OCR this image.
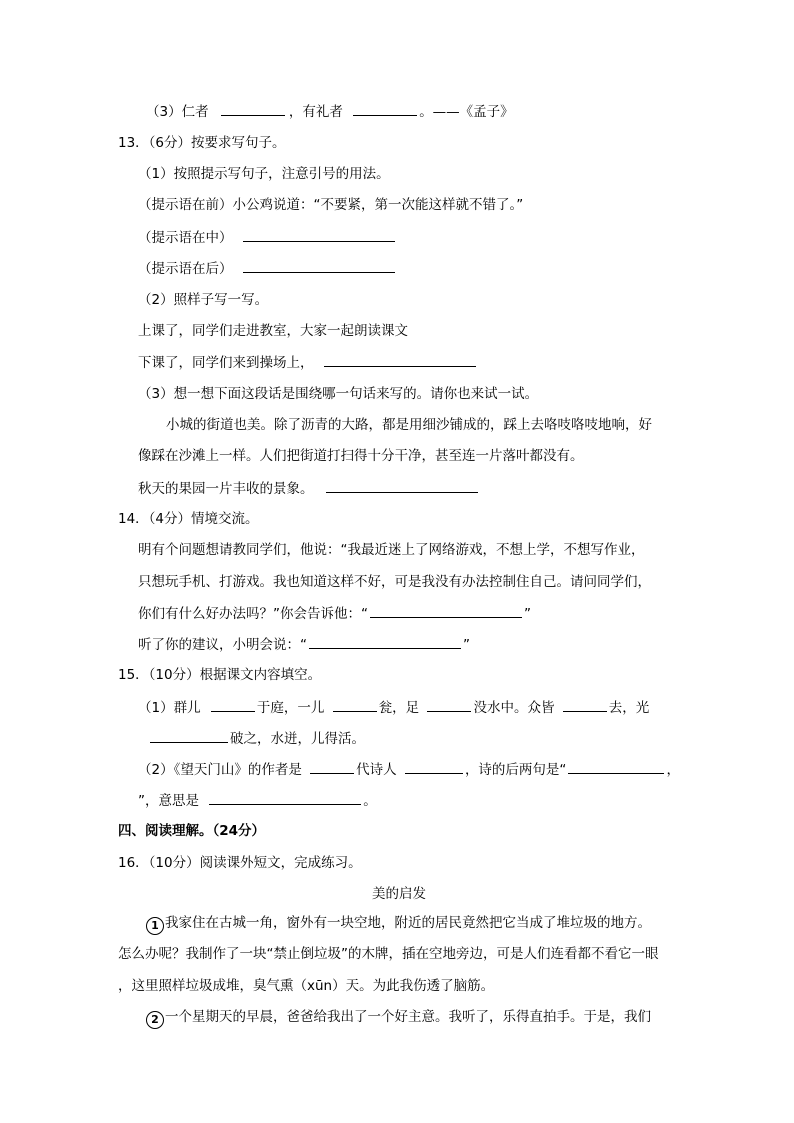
（3）仁者	，有礼者	。——《孟子》
13．（6分）按要求写句子。
（1）按照提示写句子，注意引号的用法。
（提示语在前）小公鸡说道：“不要紧，第一次能这样就不错了。”
（提示语在中）
（提示语在后）
（2）照样子写一写。
上课了，同学们走进教室，大家一起朗读课文
下课了，同学们来到操场上，
（3）想一想下面这段话是围绕哪一句话来写的。请你也来试一试。
小城的街道也美。除了沥青的大路，都是用细沙铺成的，踩上去咯吱咯吱地响，好
像踩在沙滩上一样。人们把街道打扫得十分干净，甚至连一片落叶都没有。
秋天的果园一片丰收的景象。
14．（4分）情境交流。
明有个问题想请教同学们，他说：“我最近迷上了网络游戏，不想上学，不想写作业，
只想玩手机、打游戏。我也知道这样不好，可是我没有办法控制住自己。请问同学们，
你们有什么好办法吗？”你会告诉他：“	”
听了你的建议，小明会说：“	”
15．（10分）根据课文内容填空。
（1）群儿	于庭，一儿	瓮，足	没水中。众皆	去，光
破之，水迸，儿得活。
（2）《望天门山》的作者是	代诗人	，诗的后两句是“	，
”，意思是	。
四、阅读理解。（24分）
16．（10分）阅读课外短文，完成练习。
美的启发
1 我家住在古城一角，窗外有一块空地，附近的居民竟然把它当成了堆垃圾的地方。
怎么办呢？我制作了一块“禁止倒垃圾”的木牌，插在空地旁边，可是人们连看都不看它一眼
，这里照样垃圾成堆，臭气熏（xūn）天。为此我伤透了脑筋。
2 一个星期天的早晨，爸爸给我出了一个好主意。我听了，乐得直拍手。于是，我们
